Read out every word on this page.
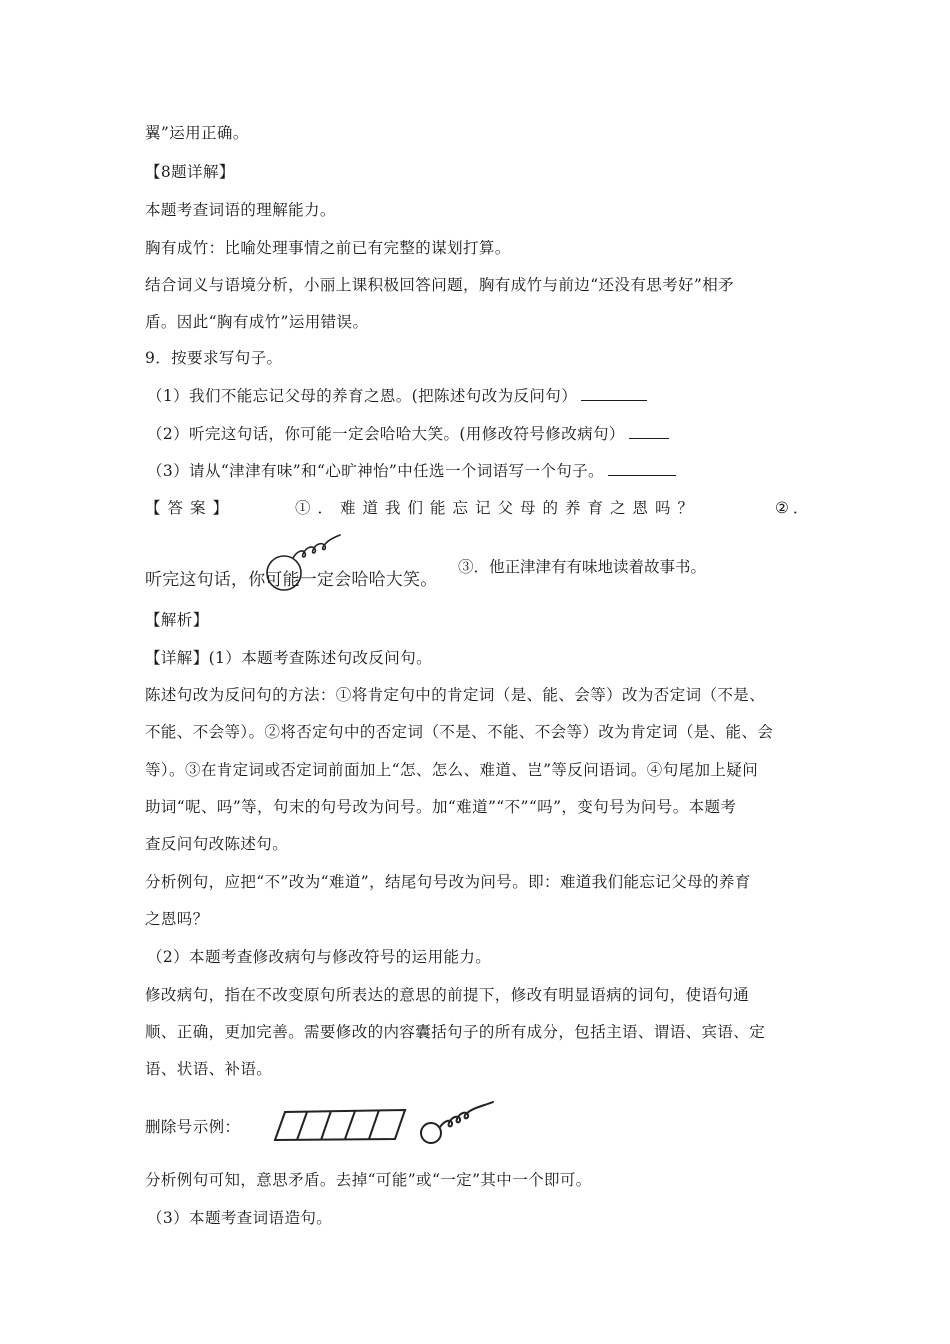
翼”运用正确。
【8题详解】
本题考查词语的理解能力。
胸有成竹：比喻处理事情之前已有完整的谋划打算。
结合词义与语境分析，小丽上课积极回答问题，胸有成竹与前边“还没有思考好”相矛
盾。因此“胸有成竹”运用错误。
9．按要求写句子。
（1）我们不能忘记父母的养育之恩。(把陈述句改为反问句）
（2）听完这句话，你可能一定会哈哈大笑。(用修改符号修改病句）
（3）请从“津津有味”和“心旷神怡”中任选一个词语写一个句子。
【答案】	①．难道我们能忘记父母的养育之恩吗？	②．
听完这句话，你可能一定会哈哈大笑。
③．他正津津有有味地读着故事书。
【解析】
【详解】(1）本题考查陈述句改反问句。
陈述句改为反问句的方法：①将肯定句中的肯定词（是、能、会等）改为否定词（不是、
不能、不会等）。②将否定句中的否定词（不是、不能、不会等）改为肯定词（是、能、会
等）。③在肯定词或否定词前面加上“怎、怎么、难道、岂”等反问语词。④句尾加上疑问
助词“呢、吗”等，句末的句号改为问号。加“难道”“不”“吗”，变句号为问号。本题考
查反问句改陈述句。
分析例句，应把“不”改为“难道”，结尾句号改为问号。即：难道我们能忘记父母的养育
之恩吗？
（2）本题考查修改病句与修改符号的运用能力。
修改病句，指在不改变原句所表达的意思的前提下，修改有明显语病的词句，使语句通
顺、正确，更加完善。需要修改的内容囊括句子的所有成分，包括主语、谓语、宾语、定
语、状语、补语。
删除号示例：
分析例句可知，意思矛盾。去掉“可能”或“一定”其中一个即可。
（3）本题考查词语造句。
